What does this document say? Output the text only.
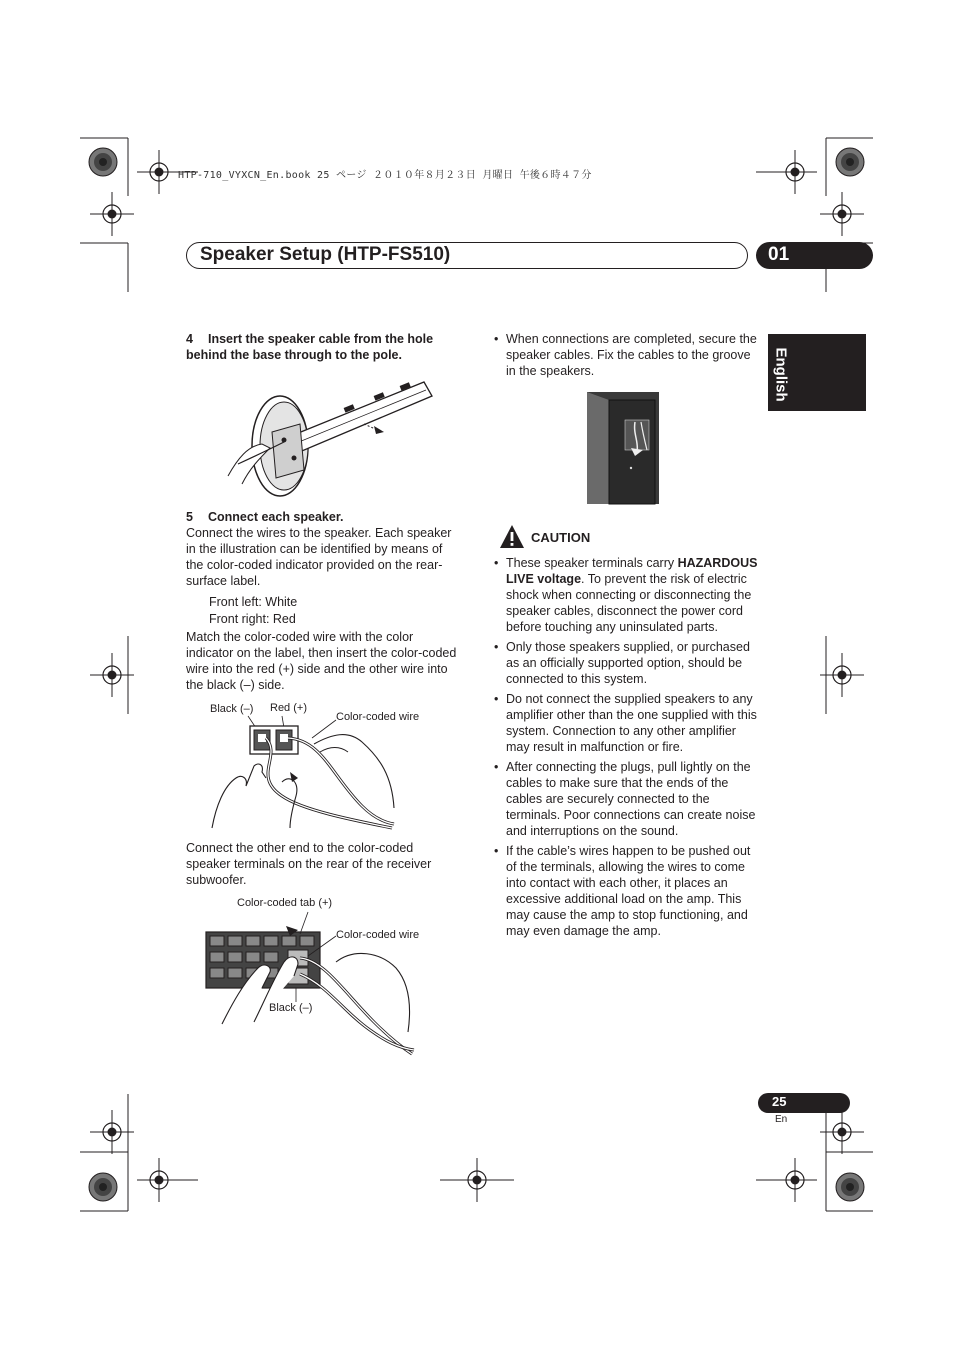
HTP-710_VYXCN_En.book 25 ページ ２０１０年８月２３日 月曜日 午後６時４７分
Speaker Setup (HTP-FS510)	01
English
4 Insert the speaker cable from the hole behind the base through to the pole.
5 Connect each speaker.
Connect the wires to the speaker. Each speaker in the illustration can be identified by means of the color-coded indicator provided on the rear-surface label.
Front left: White
Front right: Red
Match the color-coded wire with the color indicator on the label, then insert the color-coded wire into the red (+) side and the other wire into the black (–) side.
Black (–) Red (+)
Color-coded wire
Connect the other end to the color-coded speaker terminals on the rear of the receiver subwoofer.
Color-coded tab (+)
Color-coded wire
Black (–)
• When connections are completed, secure the speaker cables. Fix the cables to the groove in the speakers.
CAUTION
• These speaker terminals carry HAZARDOUS LIVE voltage. To prevent the risk of electric shock when connecting or disconnecting the speaker cables, disconnect the power cord before touching any uninsulated parts.
• Only those speakers supplied, or purchased as an officially supported option, should be connected to this system.
• Do not connect the supplied speakers to any amplifier other than the one supplied with this system. Connection to any other amplifier may result in malfunction or fire.
• After connecting the plugs, pull lightly on the cables to make sure that the ends of the cables are securely connected to the terminals. Poor connections can create noise and interruptions on the sound.
• If the cable’s wires happen to be pushed out of the terminals, allowing the wires to come into contact with each other, it places an excessive additional load on the amp. This may cause the amp to stop functioning, and may even damage the amp.
25
En
